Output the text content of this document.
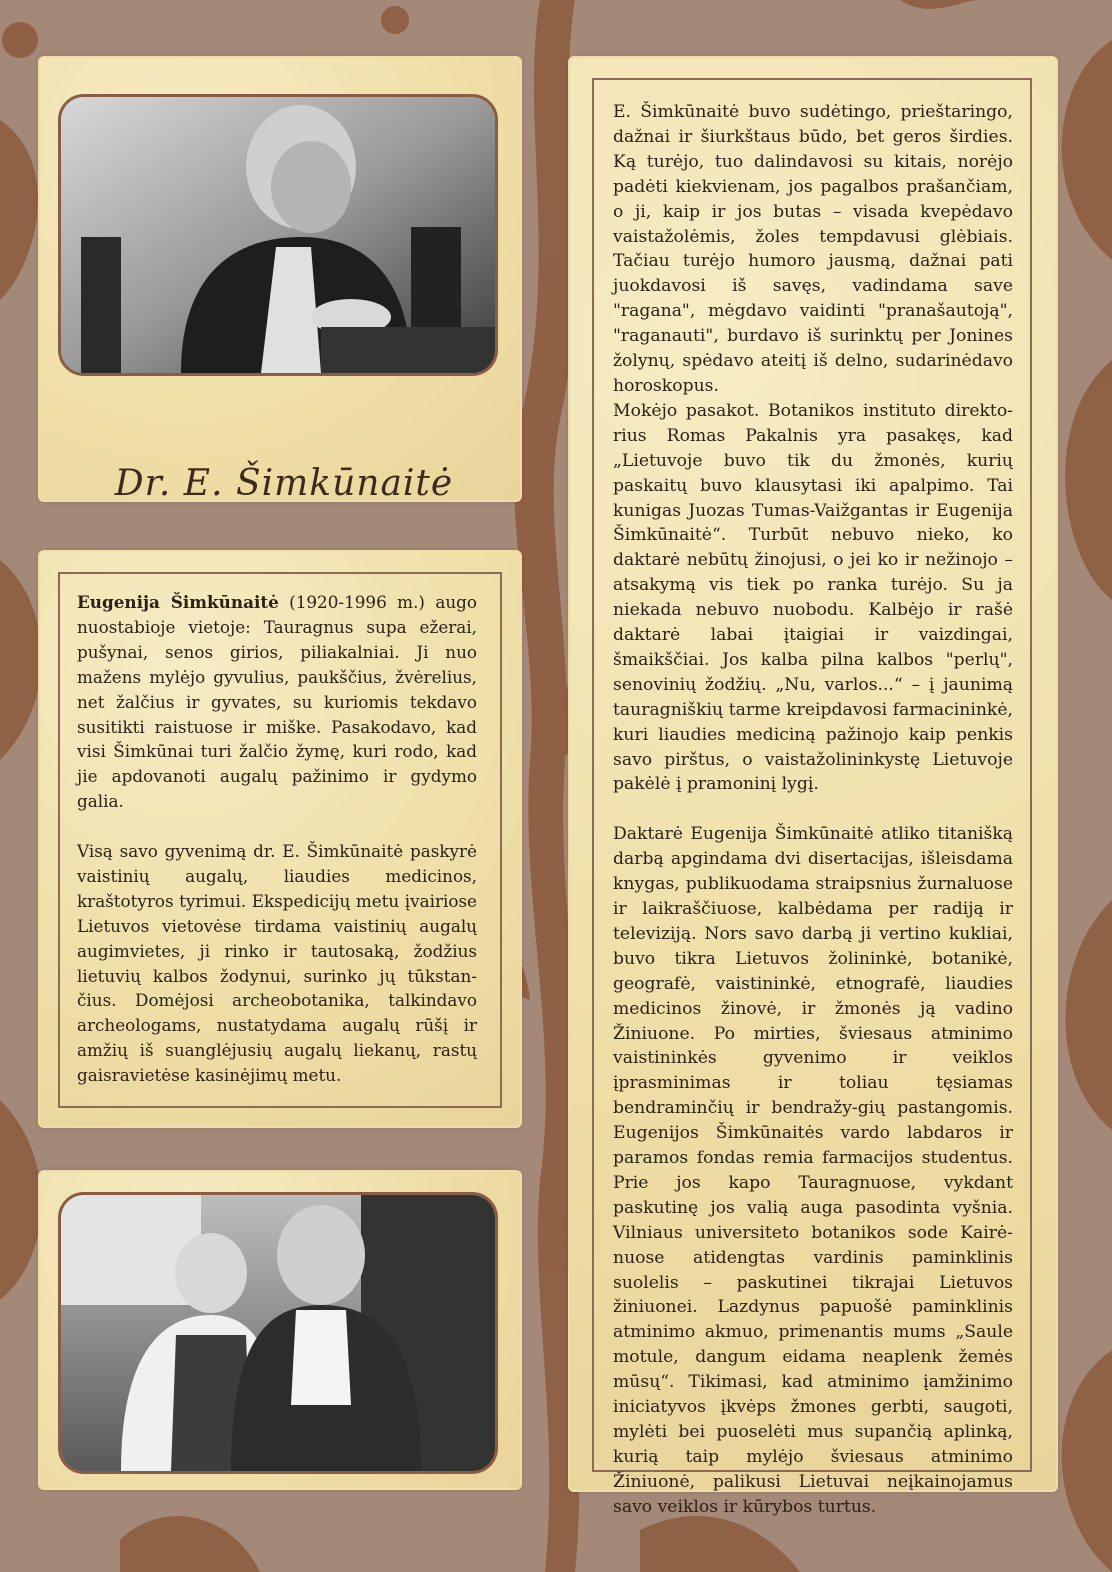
Dr. E. Šimkūnaitė

Eugenija Šimkūnaitė (1920-1996 m.) augo nuostabioje vietoje: Tauragnus supa ežerai, pušynai, senos girios, piliakalniai. Ji nuo mažens mylėjo gyvulius, paukščius, žvėrelius, net žalčius ir gyvates, su kuriomis tekdavo susitikti raistuose ir miške. Pasakodavo, kad visi Šimkūnai turi žalčio žymę, kuri rodo, kad jie apdovanoti augalų pažinimo ir gydymo galia.

Visą savo gyvenimą dr. E. Šimkūnaitė paskyrė vaistinių augalų, liaudies medicinos, kraštotyros tyrimui. Ekspedicijų metu įvairiose Lietuvos vietovėse tirdama vaistinių augalų augimvietes, ji rinko ir tautosaką, žodžius lietuvių kalbos žodynui, surinko jų tūkstan-čius. Domėjosi archeobotanika, talkindavo archeologams, nustatydama augalų rūšį ir amžių iš suanglėjusių augalų liekanų, rastų gaisravietėse kasinėjimų metu.

E. Šimkūnaitė buvo sudėtingo, prieštaringo, dažnai ir šiurkštaus būdo, bet geros širdies. Ką turėjo, tuo dalindavosi su kitais, norėjo padėti kiekvienam, jos pagalbos prašančiam, o ji, kaip ir jos butas – visada kvepėdavo vaistažolėmis, žoles tempdavusi glėbiais. Tačiau turėjo humoro jausmą, dažnai pati juokdavosi iš savęs, vadindama save "ragana", mėgdavo vaidinti "pranašautoją", "raganauti", burdavo iš surinktų per Jonines žolynų, spėdavo ateitį iš delno, sudarinėdavo horoskopus.

Mokėjo pasakot. Botanikos instituto direkto-rius Romas Pakalnis yra pasakęs, kad „Lietuvoje buvo tik du žmonės, kurių paskaitų buvo klausytasi iki apalpimo. Tai kunigas Juozas Tumas-Vaižgantas ir Eugenija Šimkūnaitė“. Turbūt nebuvo nieko, ko daktarė nebūtų žinojusi, o jei ko ir nežinojo – atsakymą vis tiek po ranka turėjo. Su ja niekada nebuvo nuobodu. Kalbėjo ir rašė daktarė labai įtaigiai ir vaizdingai, šmaikščiai. Jos kalba pilna kalbos "perlų", senovinių žodžių. „Nu, varlos...“ – į jaunimą tauragniškių tarme kreipdavosi farmacininkė, kuri liaudies mediciną pažinojo kaip penkis savo pirštus, o vaistažolininkystę Lietuvoje pakėlė į pramoninį lygį.

Daktarė Eugenija Šimkūnaitė atliko titanišką darbą apgindama dvi disertacijas, išleisdama knygas, publikuodama straipsnius žurnaluose ir laikraščiuose, kalbėdama per radiją ir televiziją. Nors savo darbą ji vertino kukliai, buvo tikra Lietuvos žolininkė, botanikė, geografė, vaistininkė, etnografė, liaudies medicinos žinovė, ir žmonės ją vadino Žiniuone. Po mirties, šviesaus atminimo vaistininkės gyvenimo ir veiklos įprasminimas ir toliau tęsiamas bendraminčių ir bendražy-gių pastangomis. Eugenijos Šimkūnaitės vardo labdaros ir paramos fondas remia farmacijos studentus. Prie jos kapo Tauragnuose, vykdant paskutinę jos valią auga pasodinta vyšnia. Vilniaus universiteto botanikos sode Kairė-nuose atidengtas vardinis paminklinis suolelis – paskutinei tikrajai Lietuvos žiniuonei. Lazdynus papuošė paminklinis atminimo akmuo, primenantis mums „Saule motule, dangum eidama neaplenk žemės mūsų“. Tikimasi, kad atminimo įamžinimo iniciatyvos įkvėps žmones gerbti, saugoti, mylėti bei puoselėti mus supančią aplinką, kurią taip mylėjo šviesaus atminimo Žiniuonė, palikusi Lietuvai neįkainojamus savo veiklos ir kūrybos turtus.
